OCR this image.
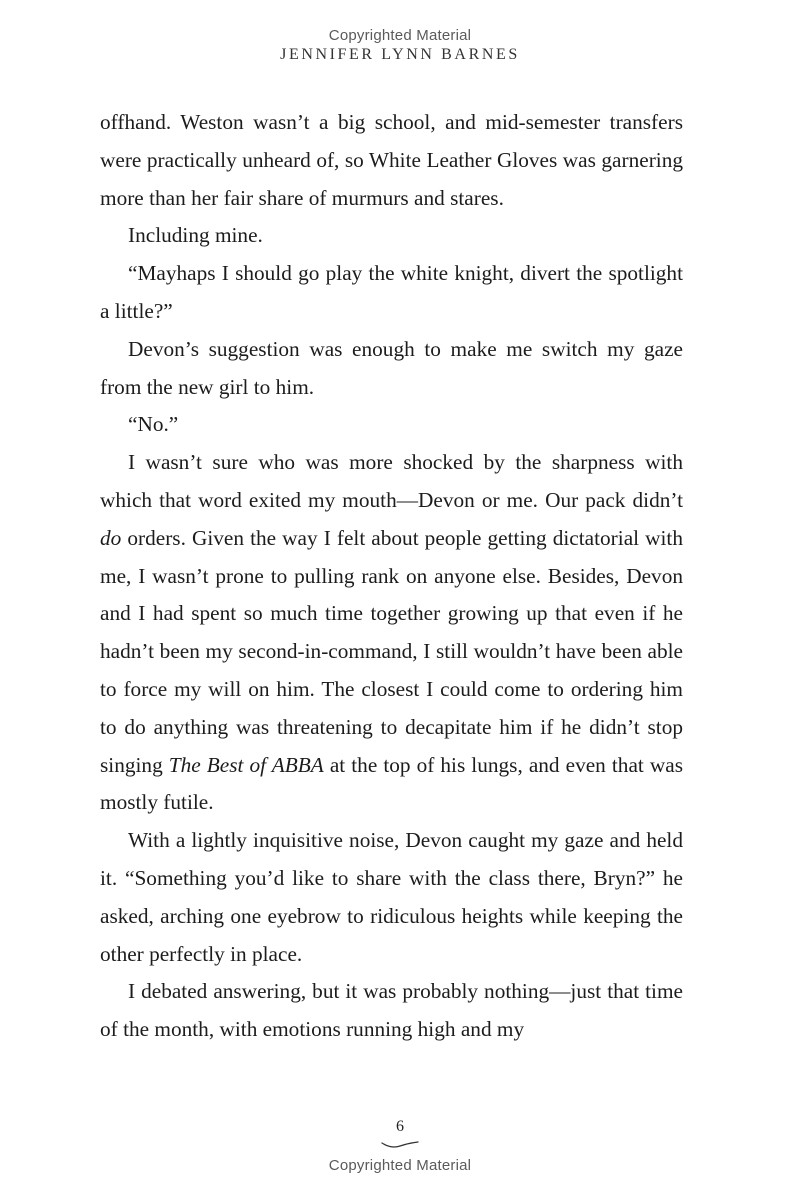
Copyrighted Material
JENNIFER LYNN BARNES

offhand. Weston wasn’t a big school, and mid-semester transfers were practically unheard of, so White Leather Gloves was garnering more than her fair share of murmurs and stares.

Including mine.

“Mayhaps I should go play the white knight, divert the spotlight a little?”

Devon’s suggestion was enough to make me switch my gaze from the new girl to him.

“No.”

I wasn’t sure who was more shocked by the sharpness with which that word exited my mouth—Devon or me. Our pack didn’t do orders. Given the way I felt about people getting dictatorial with me, I wasn’t prone to pulling rank on anyone else. Besides, Devon and I had spent so much time together growing up that even if he hadn’t been my second-in-command, I still wouldn’t have been able to force my will on him. The closest I could come to ordering him to do anything was threatening to decapitate him if he didn’t stop singing The Best of ABBA at the top of his lungs, and even that was mostly futile.

With a lightly inquisitive noise, Devon caught my gaze and held it. “Something you’d like to share with the class there, Bryn?” he asked, arching one eyebrow to ridiculous heights while keeping the other perfectly in place.

I debated answering, but it was probably nothing—just that time of the month, with emotions running high and my

6
Copyrighted Material
